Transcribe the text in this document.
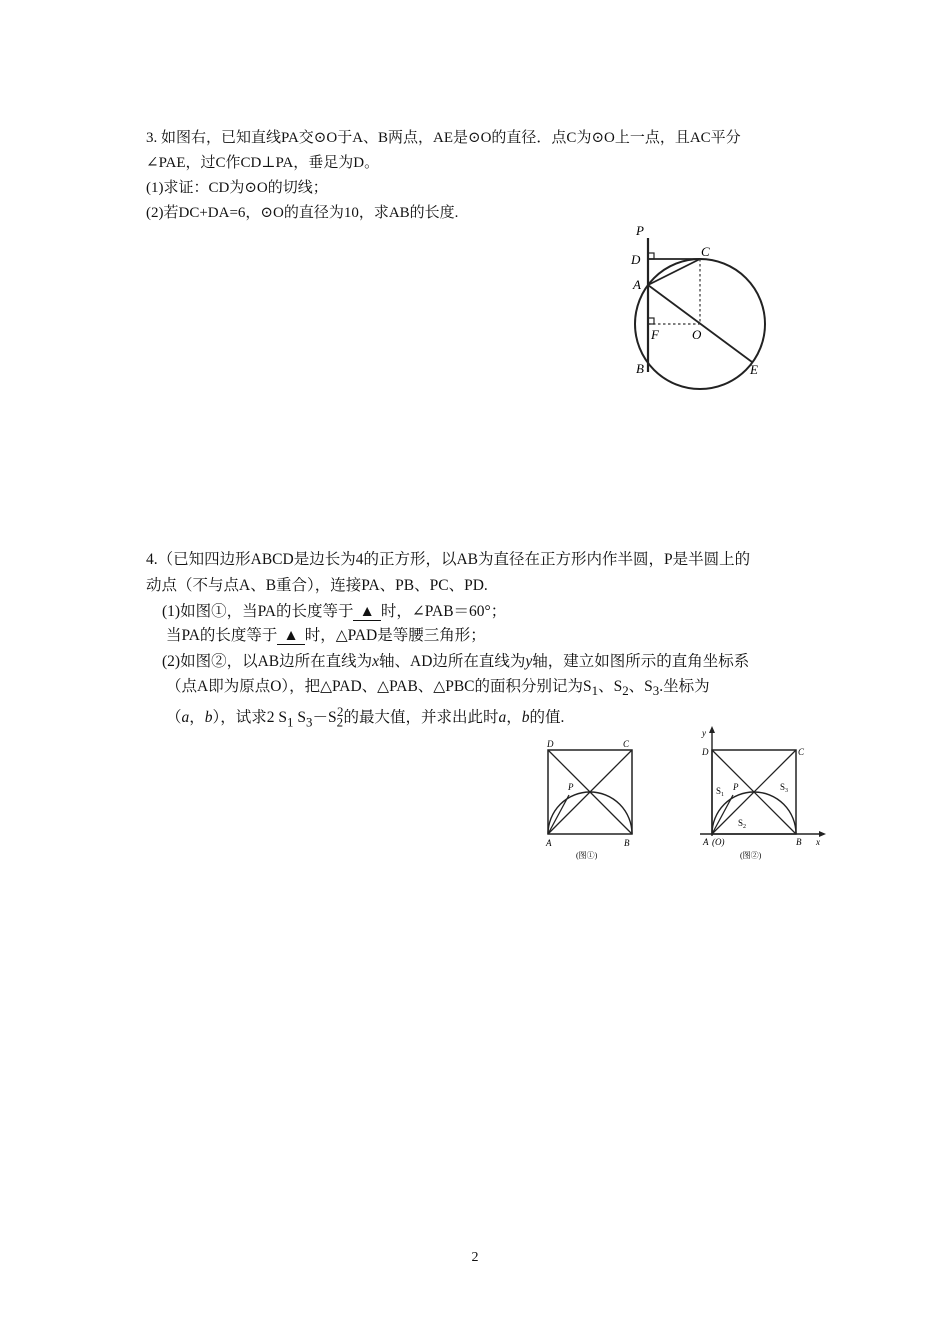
3. 如图右，已知直线PA交⊙O于A、B两点，AE是⊙O的直径．点C为⊙O上一点，且AC平分
∠PAE，过C作CD⊥PA，垂足为D。
(1)求证：CD为⊙O的切线；
(2)若DC+DA=6，⊙O的直径为10，求AB的长度.
P
D
C
A
F	O
B	E
4.（已知四边形ABCD是边长为4的正方形，以AB为直径在正方形内作半圆，P是半圆上的
动点（不与点A、B重合），连接PA、PB、PC、PD.
(1)如图①，当PA的长度等于 ▲ 时，∠PAB＝60°；
当PA的长度等于 ▲ 时，△PAD是等腰三角形；
(2)如图②，以AB边所在直线为x轴、AD边所在直线为y轴，建立如图所示的直角坐标系
（点A即为原点O），把△PAD、△PAB、△PBC的面积分别记为$S_1$、$S_2$、$S_3$.坐标为
（a，b），试求2 $S_1$ $S_3-S_2^2$的最大值，并求出此时a，b的值.
D	C
P
A	B
(图①)
y
D	C
$S_1$
P	$S_3$
$S_2$
A (O)	B x
(图②)
2
